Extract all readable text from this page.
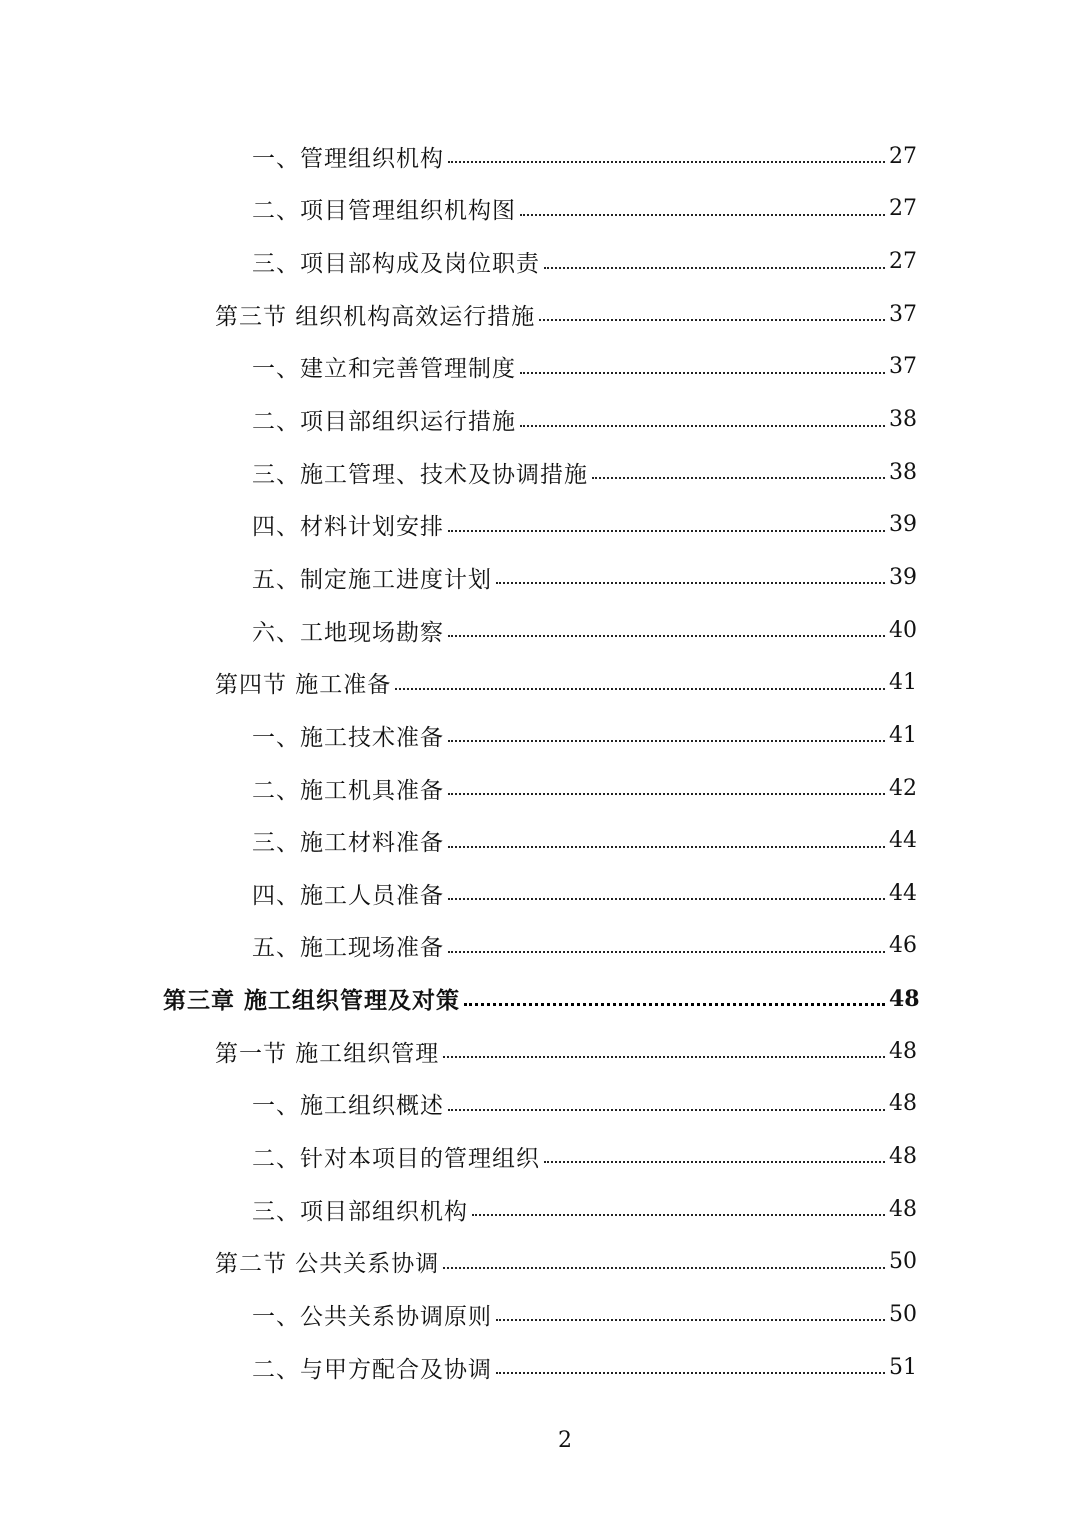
一、管理组织机构	27
二、项目管理组织机构图	27
三、项目部构成及岗位职责	27
第三节 组织机构高效运行措施	37
一、建立和完善管理制度	37
二、项目部组织运行措施	38
三、施工管理、技术及协调措施	38
四、材料计划安排	39
五、制定施工进度计划	39
六、工地现场勘察	40
第四节 施工准备	41
一、施工技术准备	41
二、施工机具准备	42
三、施工材料准备	44
四、施工人员准备	44
五、施工现场准备	46
第三章 施工组织管理及对策	48
第一节 施工组织管理	48
一、施工组织概述	48
二、针对本项目的管理组织	48
三、项目部组织机构	48
第二节 公共关系协调	50
一、公共关系协调原则	50
二、与甲方配合及协调	51
2
